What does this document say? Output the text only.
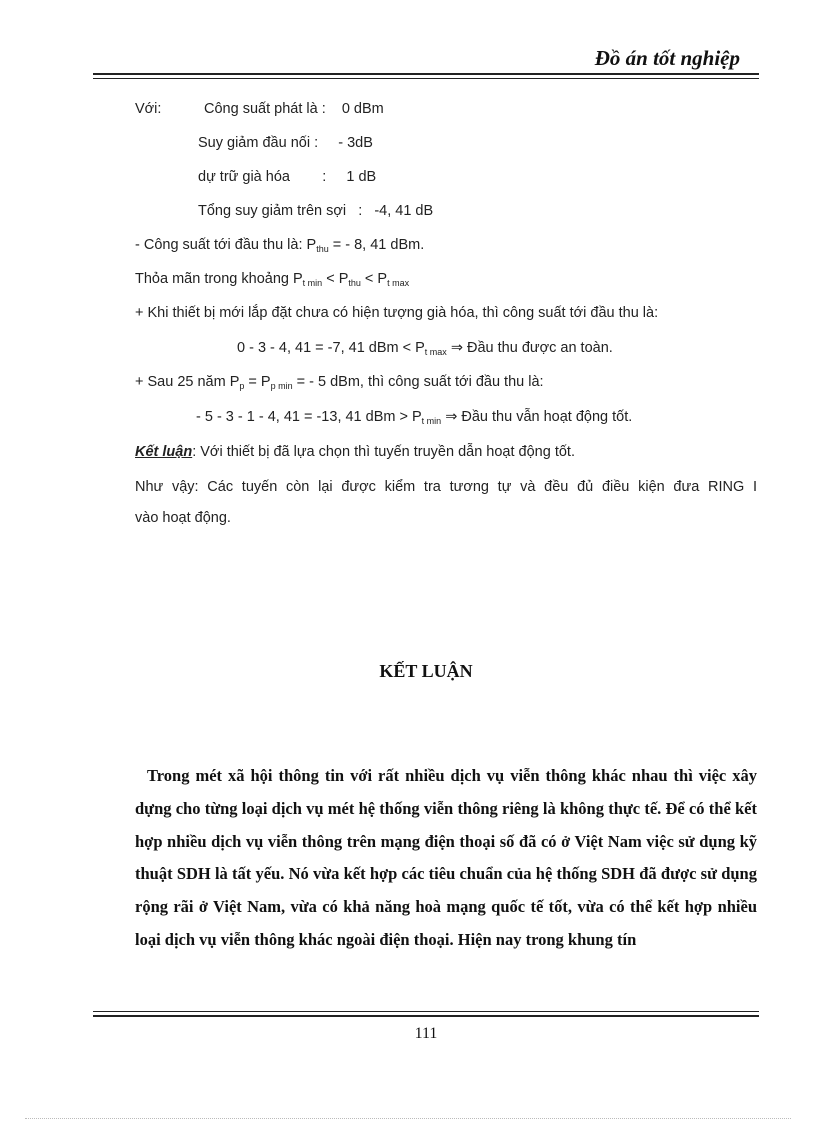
Đồ án tốt nghiệp
Với:	Công suất phát là :    0 dBm
Suy giảm đầu nối :     - 3dB
dự trữ già hóa        :     1 dB
Tổng suy giảm trên sợi   :   -4, 41 dB
- Công suất tới đầu thu là: $P_{thu}$ = - 8, 41 dBm.
Thỏa mãn trong khoảng $P_{t min} < P_{thu} < P_{t max}$
+ Khi thiết bị mới lắp đặt chưa có hiện tượng già hóa, thì công suất tới đầu thu là:
0 - 3 - 4, 41 = -7, 41 dBm < $P_{t max}$ ⇒ Đầu thu được an toàn.
+ Sau 25 năm $P_p = P_{p min}$ = - 5 dBm, thì công suất tới đầu thu là:
- 5 - 3 - 1 - 4, 41 = -13, 41 dBm > $P_{t min}$ ⇒ Đầu thu vẫn hoạt động tốt.
Kết luận: Với thiết bị đã lựa chọn thì tuyến truyền dẫn hoạt động tốt.
Như vậy: Các tuyến còn lại được kiểm tra tương tự và đều đủ điều kiện đưa RING I
vào hoạt động.
KẾT LUẬN

Trong mét xã hội thông tin với rất nhiều dịch vụ viễn thông khác nhau thì việc xây dựng cho từng loại dịch vụ mét hệ thống viễn thông riêng là không thực tế. Để có thể kết hợp nhiều dịch vụ viễn thông trên mạng điện thoại số đã có ở Việt Nam việc sử dụng kỹ thuật SDH là tất yếu. Nó vừa kết hợp các tiêu chuẩn của hệ thống SDH đã được sử dụng rộng rãi ở Việt Nam, vừa có khả năng hoà mạng quốc tế tốt, vừa có thể kết hợp nhiều loại dịch vụ viễn thông khác ngoài điện thoại. Hiện nay trong khung tín

111
